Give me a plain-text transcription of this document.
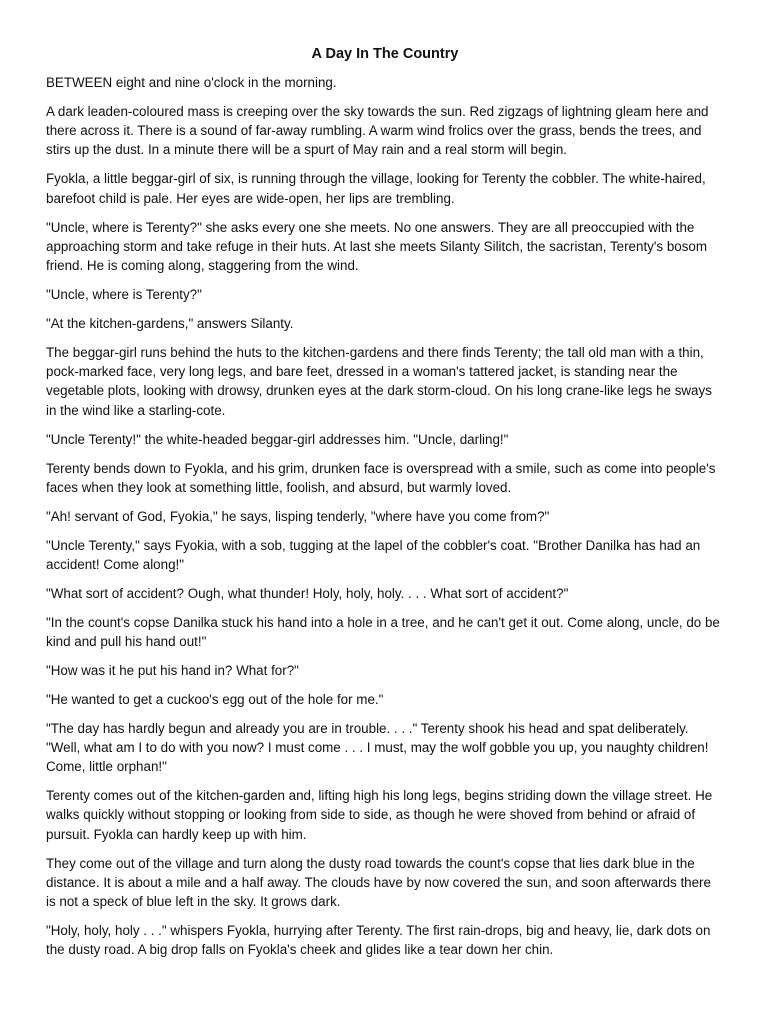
A Day In The Country

BETWEEN eight and nine o'clock in the morning.

A dark leaden-coloured mass is creeping over the sky towards the sun. Red zigzags of lightning gleam here and there across it. There is a sound of far-away rumbling. A warm wind frolics over the grass, bends the trees, and stirs up the dust. In a minute there will be a spurt of May rain and a real storm will begin.

Fyokla, a little beggar-girl of six, is running through the village, looking for Terenty the cobbler. The white-haired, barefoot child is pale. Her eyes are wide-open, her lips are trembling.

"Uncle, where is Terenty?" she asks every one she meets. No one answers. They are all preoccupied with the approaching storm and take refuge in their huts. At last she meets Silanty Silitch, the sacristan, Terenty's bosom friend. He is coming along, staggering from the wind.

"Uncle, where is Terenty?"

"At the kitchen-gardens," answers Silanty.

The beggar-girl runs behind the huts to the kitchen-gardens and there finds Terenty; the tall old man with a thin, pock-marked face, very long legs, and bare feet, dressed in a woman's tattered jacket, is standing near the vegetable plots, looking with drowsy, drunken eyes at the dark storm-cloud. On his long crane-like legs he sways in the wind like a starling-cote.

"Uncle Terenty!" the white-headed beggar-girl addresses him. "Uncle, darling!"

Terenty bends down to Fyokla, and his grim, drunken face is overspread with a smile, such as come into people's faces when they look at something little, foolish, and absurd, but warmly loved.

"Ah! servant of God, Fyokia," he says, lisping tenderly, "where have you come from?"

"Uncle Terenty," says Fyokia, with a sob, tugging at the lapel of the cobbler's coat. "Brother Danilka has had an accident! Come along!"

"What sort of accident? Ough, what thunder! Holy, holy, holy. . . . What sort of accident?"

"In the count's copse Danilka stuck his hand into a hole in a tree, and he can't get it out. Come along, uncle, do be kind and pull his hand out!"

"How was it he put his hand in? What for?"

"He wanted to get a cuckoo's egg out of the hole for me."

"The day has hardly begun and already you are in trouble. . . ." Terenty shook his head and spat deliberately. "Well, what am I to do with you now? I must come . . . I must, may the wolf gobble you up, you naughty children! Come, little orphan!"

Terenty comes out of the kitchen-garden and, lifting high his long legs, begins striding down the village street. He walks quickly without stopping or looking from side to side, as though he were shoved from behind or afraid of pursuit. Fyokla can hardly keep up with him.

They come out of the village and turn along the dusty road towards the count's copse that lies dark blue in the distance. It is about a mile and a half away. The clouds have by now covered the sun, and soon afterwards there is not a speck of blue left in the sky. It grows dark.

"Holy, holy, holy . . ." whispers Fyokla, hurrying after Terenty. The first rain-drops, big and heavy, lie, dark dots on the dusty road. A big drop falls on Fyokla's cheek and glides like a tear down her chin.
